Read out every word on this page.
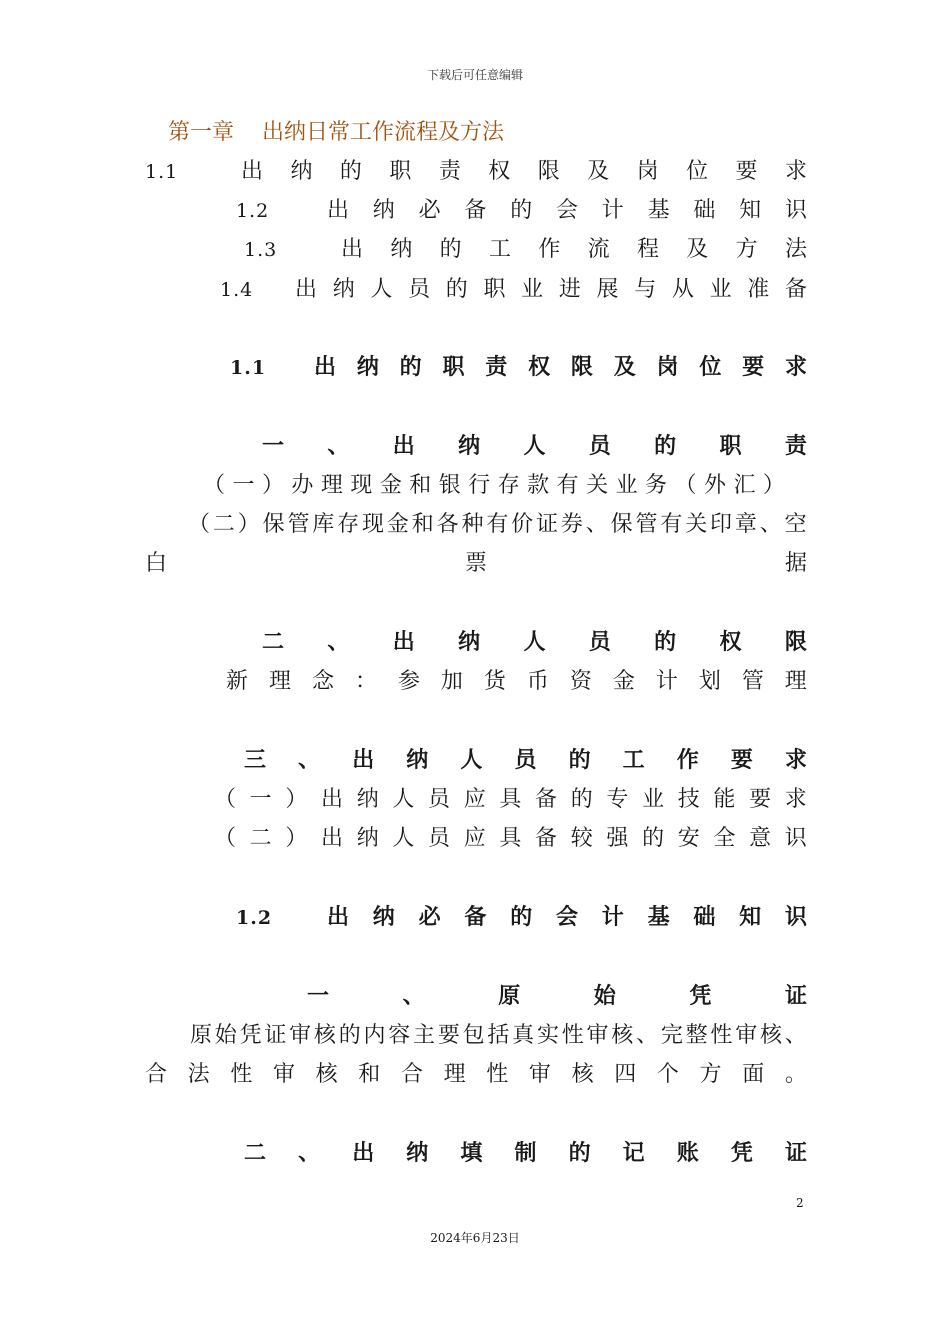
下载后可任意编辑
第一章 出纳日常工作流程及方法
1.1	出 纳 的 职 责 权 限 及 岗 位 要 求
1.2	出 纳 必 备 的 会 计 基 础 知 识
1.3	出 纳 的 工 作 流 程 及 方 法
1.4 出 纳 人 员 的 职 业 进 展 与 从 业 准 备
1.1 出 纳 的 职 责 权 限 及 岗 位 要 求
一 、 出 纳 人 员 的 职 责
（ 一 ） 办 理 现 金 和 银 行 存 款 有 关 业 务 （ 外 汇 ）
（ 二 ） 保 管 库 存 现 金 和 各 种 有 价 证 券 、 保 管 有 关 印 章 、 空
白	票	据
二 、 出 纳 人 员 的 权 限
新 理 念 ： 参 加 货 币 资 金 计 划 管 理
三 、 出 纳 人 员 的 工 作 要 求
（ 一 ） 出 纳 人 员 应 具 备 的 专 业 技 能 要 求
（ 二 ） 出 纳 人 员 应 具 备 较 强 的 安 全 意 识
1.2 出 纳 必 备 的 会 计 基 础 知 识
一	、	原	始	凭	证
原 始 凭 证 审 核 的 内 容 主 要 包 括 真 实 性 审 核 、 完 整 性 审 核 、
合 法 性 审 核 和 合 理 性 审 核 四 个 方 面 。
二 、 出 纳 填 制 的 记 账 凭 证
2
2024年6月23日
